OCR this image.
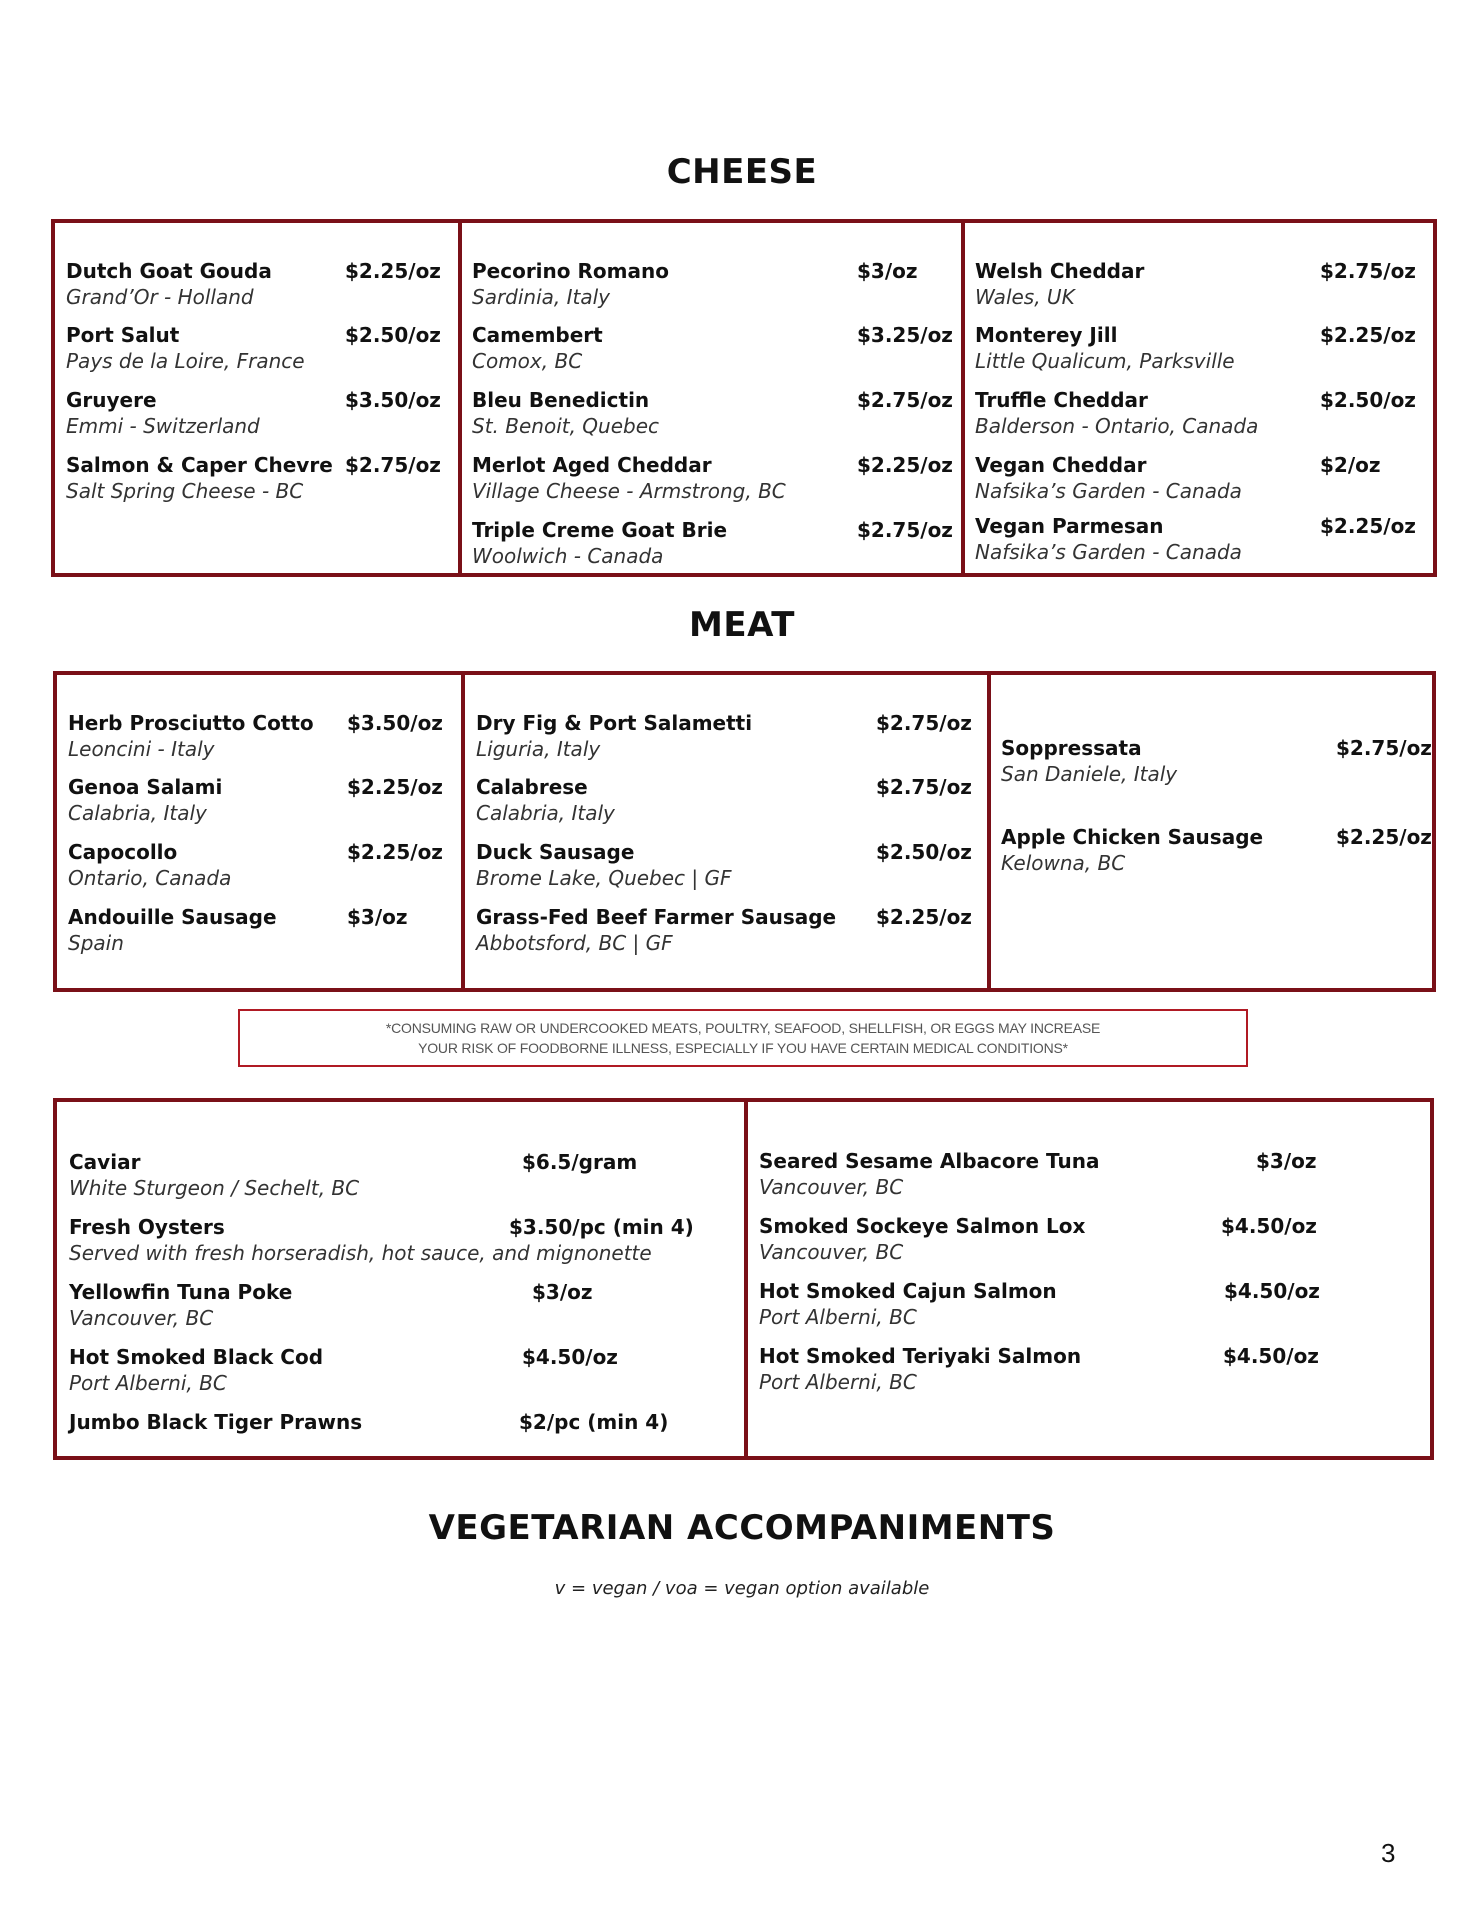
CHEESE
Dutch Goat Gouda
Grand’Or - Holland
$2.25/oz
Port Salut
Pays de la Loire, France
$2.50/oz
Gruyere
Emmi - Switzerland
$3.50/oz
Salmon & Caper Chevre
Salt Spring Cheese - BC
$2.75/oz
Pecorino Romano
Sardinia, Italy
$3/oz
Camembert
Comox, BC
$3.25/oz
Bleu Benedictin
St. Benoit, Quebec
$2.75/oz
Merlot Aged Cheddar
Village Cheese - Armstrong, BC
$2.25/oz
Triple Creme Goat Brie
Woolwich - Canada
$2.75/oz
Welsh Cheddar
Wales, UK
$2.75/oz
Monterey Jill
Little Qualicum, Parksville
$2.25/oz
Truffle Cheddar
Balderson - Ontario, Canada
$2.50/oz
Vegan Cheddar
Nafsika’s Garden - Canada
$2/oz
Vegan Parmesan
Nafsika’s Garden - Canada
$2.25/oz
MEAT
Herb Prosciutto Cotto
Leoncini - Italy
$3.50/oz
Genoa Salami
Calabria, Italy
$2.25/oz
Capocollo
Ontario, Canada
$2.25/oz
Andouille Sausage
Spain
$3/oz
Dry Fig & Port Salametti
Liguria, Italy
$2.75/oz
Calabrese
Calabria, Italy
$2.75/oz
Duck Sausage
Brome Lake, Quebec | GF
$2.50/oz
Grass-Fed Beef Farmer Sausage
Abbotsford, BC | GF
$2.25/oz
Soppressata
San Daniele, Italy
$2.75/oz
Apple Chicken Sausage
Kelowna, BC
$2.25/oz
*CONSUMING RAW OR UNDERCOOKED MEATS, POULTRY, SEAFOOD, SHELLFISH, OR EGGS MAY INCREASE
YOUR RISK OF FOODBORNE ILLNESS, ESPECIALLY IF YOU HAVE CERTAIN MEDICAL CONDITIONS*
Caviar
White Sturgeon / Sechelt, BC
$6.5/gram
Fresh Oysters
Served with fresh horseradish, hot sauce, and mignonette
$3.50/pc (min 4)
Yellowfin Tuna Poke
Vancouver, BC
$3/oz
Hot Smoked Black Cod
Port Alberni, BC
$4.50/oz
Jumbo Black Tiger Prawns	$2/pc (min 4)
Seared Sesame Albacore Tuna
Vancouver, BC
$3/oz
Smoked Sockeye Salmon Lox
Vancouver, BC
$4.50/oz
Hot Smoked Cajun Salmon
Port Alberni, BC
$4.50/oz
Hot Smoked Teriyaki Salmon
Port Alberni, BC
$4.50/oz
VEGETARIAN ACCOMPANIMENTS
v = vegan / voa = vegan option available
3
